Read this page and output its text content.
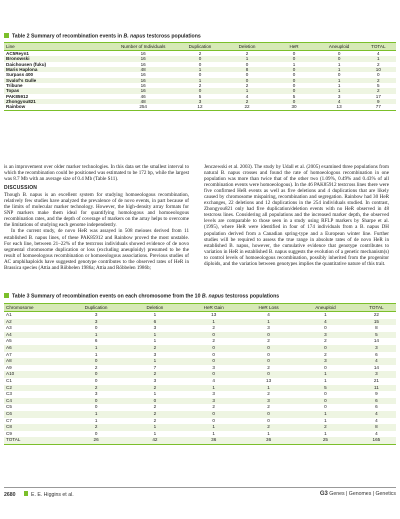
Table 2 Summary of recombination events in B. napus testcross populations
Line	Number of Individuals	Duplication	Deletion	HeR	Aneuploid	TOTAL
AC5Reyn1	16	2	2	0	0	4
Bronowski	16	0	1	0	0	1
Daichousen (fuku)	16	0	0	1	1	2
Maris Haplona	48	1	8	0	1	10
Surpass 400	16	0	0	0	0	0
Svalof's Gulle	16	1	0	0	1	2
Tribune	16	2	2	0	1	5
Topas	16	0	1	0	1	2
PAK85912	46	5	4	5	3	17
Zhongyou821	48	3	2	0	4	9
Rainbow	254	12	22	30	13	77

is an improvement over older marker technologies. In this data set the smallest interval to which the recombination could be positioned was estimated to be 172 bp, while the largest was 8.7 Mb with an average size of 0.4 Mb (Table S11).

DISCUSSION

Though B. napus is an excellent system for studying homoeologous recombination, relatively few studies have analyzed the prevalence of de novo events, in part because of the limits of molecular marker technology. However, the high-density array formats for SNP markers make them ideal for quantifying homologous and homoeologous recombination rates, and the depth of coverage of markers on the array helps to overcome the limitations of studying each genome independently.

In the current study, de novo HeR was assayed in 508 meioses derived from 11 established B. napus lines, of these PAK85912 and Rainbow proved the most unstable. For each line, between 21–22% of the testcross individuals showed evidence of de novo segmental chromosome duplication or loss (excluding aneuploidy) presumed to be the result of homoeologous recombination or homoeologous associations. Previous studies of AC amphihaploids have suggested genotype contributes to the observed rates of HeR in Brassica species (Attia and Röbbelen 1986a; Attia and Röbbelen 1986b;

Jenczewski et al. 2003). The study by Udall et al. (2005) examined three populations from natural B. napus crosses and found the rate of homoeologous recombination in one population was more than twice that of the other two (1.09%, 0.49% and 0.43% of all recombination events were homoeologous). In the 46 PAK85912 testcross lines there were five confirmed HeR events as well as five deletions and 4 duplications that are likely caused by chromosome mispairing, recombination and segregation. Rainbow had 30 HeR exchanges, 22 deletions and 12 duplications in the 254 individuals studied. In contrast, Zhongyou821 only had five duplication/deletion events with no HeR observed in 48 testcross lines. Considering all populations and the increased marker depth, the observed levels are comparable to those seen in a study using RFLP markers by Sharpe et al. (1995), where HeR were identified in four of 174 individuals from a B. napus DH population derived from a Canadian spring-type and a European winter line. Further studies will be required to assess the true range in absolute rates of de novo HeR in established B. napus, however, the cumulative evidence that genotype contributes to variation in HeR in established B. napus suggests the evolution of a genetic mechanism(s) to control levels of homoeologous recombination, possibly inherited from the progenitor diploids, and the variation between genotypes implies the quantitative nature of this trait.

Table 3 Summary of recombination events on each chromosome from the 10 B. napus testcross populations
Chromosome	Duplication	Deletion	HeR Gain	HeR Loss	Aneuploid	TOTAL
A1	3	1	13	4	1	22
A2	3	6	1	1	4	15
A3	0	3	2	3	0	8
A4	1	1	0	0	3	5
A5	6	1	2	2	2	14
A6	1	2	0	0	0	3
A7	1	3	0	0	2	6
A8	0	1	0	0	3	4
A9	2	7	3	2	0	14
A10	0	2	0	0	1	3
C1	0	3	4	13	1	21
C2	2	2	1	1	5	11
C3	3	1	3	2	0	9
C4	0	0	3	3	0	6
C5	0	2	2	2	0	6
C6	1	2	0	0	1	4
C7	1	2	0	0	1	4
C8	2	1	1	2	2	8
C9	0	1	1	1	1	4
TOTAL	26	42	36	36	25	165
2680	E. E. Higgins et al.	G3 Genes | Genomes | Genetics
